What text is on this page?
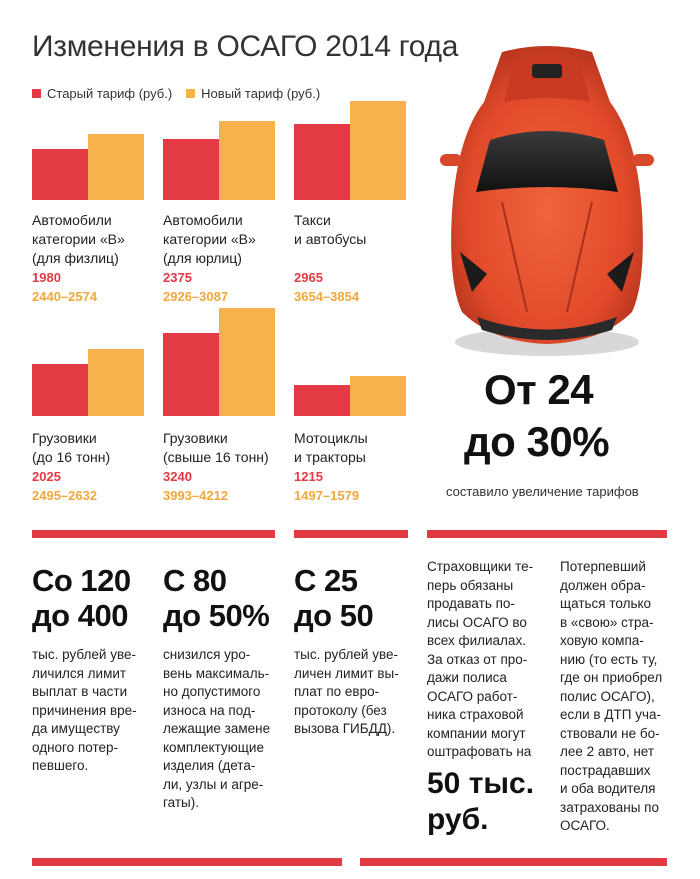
Изменения в ОСАГО 2014 года
Старый тариф (руб.) Новый тариф (руб.)
Автомобили
категории «В»
(для физлиц)
1980
2440–2574
Автомобили
категории «В»
(для юрлиц)
2375
2926–3087
Такси
и автобусы
2965
3654–3854
Грузовики
(до 16 тонн)
2025
2495–2632
Грузовики
(свыше 16 тонн)
3240
3993–4212
Мотоциклы
и тракторы
1215
1497–1579
От 24
до 30%
составило увеличение тарифов
Со 120
до 400
тыс. рублей уве-
личился лимит
выплат в части
причинения вре-
да имуществу
одного потер-
певшего.
С 80
до 50%
снизился уро-
вень максималь-
но допустимого
износа на под-
лежащие замене
комплектующие
изделия (дета-
ли, узлы и агре-
гаты).
С 25
до 50
тыс. рублей уве-
личен лимит вы-
плат по евро-
протоколу (без
вызова ГИБДД).
Страховщики те-
перь обязаны
продавать по-
лисы ОСАГО во
всех филиалах.
За отказ от про-
дажи полиса
ОСАГО работ-
ника страховой
компании могут
оштрафовать на
50 тыс.
руб.
Потерпевший
должен обра-
щаться только
в «свою» стра-
ховую компа-
нию (то есть ту,
где он приобрел
полис ОСАГО),
если в ДТП уча-
ствовали не бо-
лее 2 авто, нет
пострадавших
и оба водителя
затрахованы по
ОСАГО.
